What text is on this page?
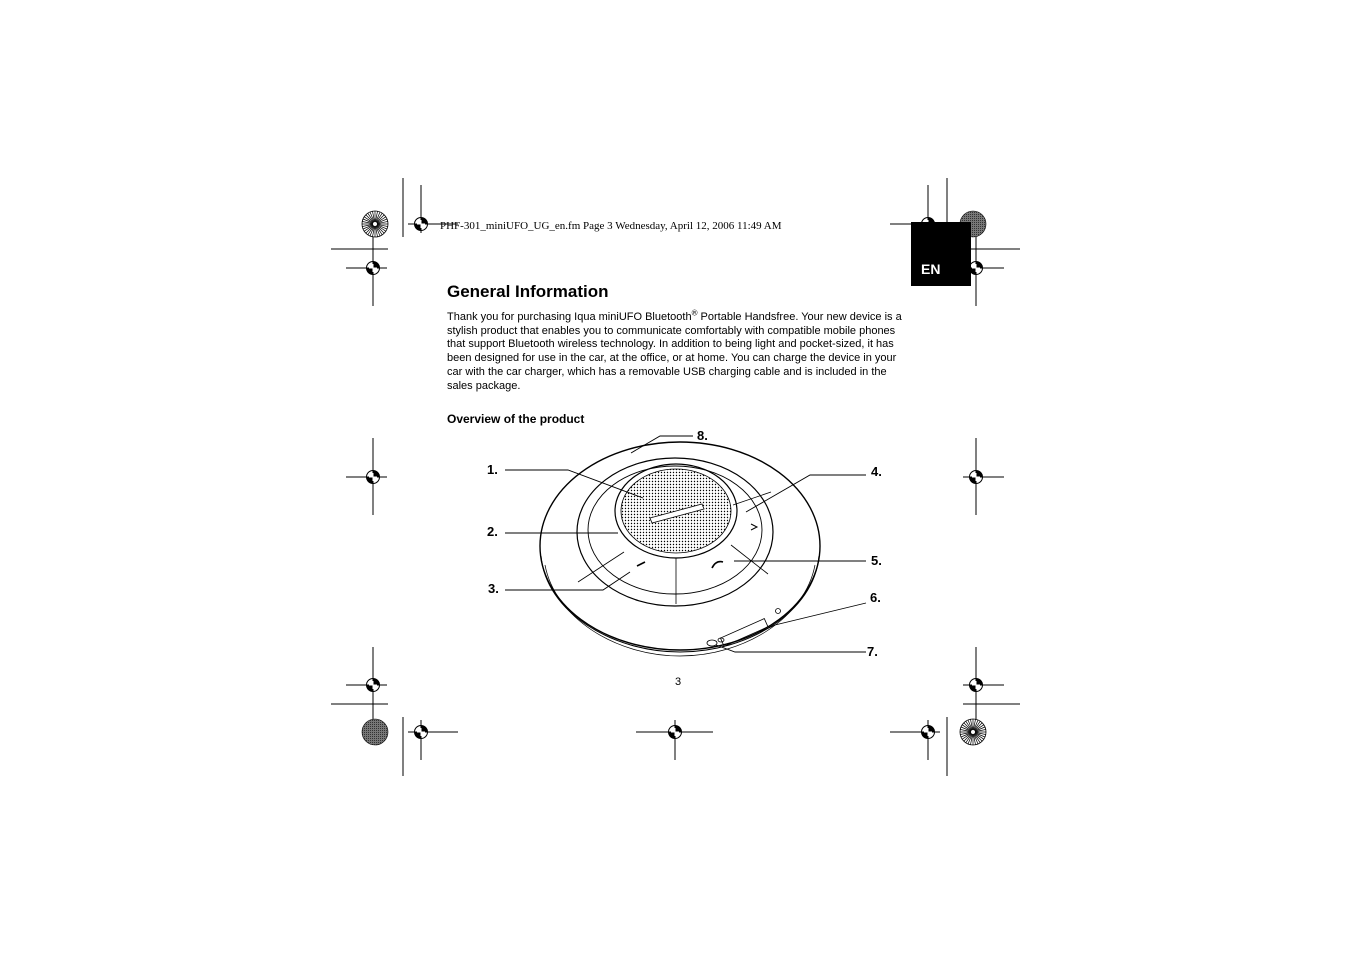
PHF-301_miniUFO_UG_en.fm Page 3 Wednesday, April 12, 2006 11:49 AM
EN
General Information

Thank you for purchasing Iqua miniUFO Bluetooth® Portable Handsfree. Your new device is a stylish product that enables you to communicate comfortably with compatible mobile phones that support Bluetooth wireless technology. In addition to being light and pocket-sized, it has been designed for use in the car, at the office, or at home. You can charge the device in your car with the car charger, which has a removable USB charging cable and is included in the sales package.

Overview of the product
1.
2.
3.
4.
5.
6.
7.
8.
3
